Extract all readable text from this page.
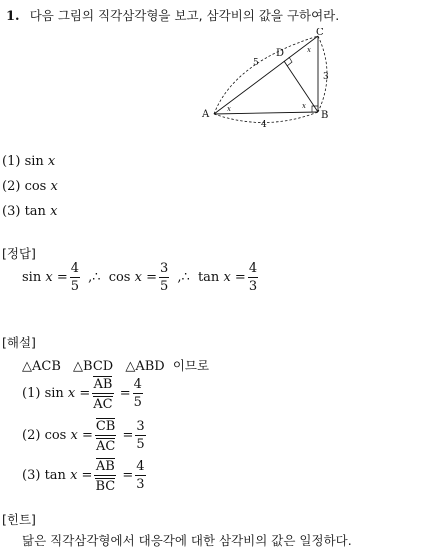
1. 다음 그림의 직각삼각형을 보고, 삼각비의 값을 구하여라.
A	B
C
D
4
3
5
x	x
x
(1) sin x
(2) cos x
(3) tan x
[정답]
$\sin x = \frac{4}{5}$ ,∴ $\cos x = \frac{3}{5}$ ,∴ $\tan x = \frac{4}{3}$
[해설]
△ACB △BCD △ABD 이므로
(1) $\sin x = \frac{AB}{AC} = \frac{4}{5}$
(2) $\cos x = \frac{CB}{AC} = \frac{3}{5}$
(3) $\tan x = \frac{AB}{BC} = \frac{4}{3}$
[힌트]
닮은 직각삼각형에서 대응각에 대한 삼각비의 값은 일정하다.
